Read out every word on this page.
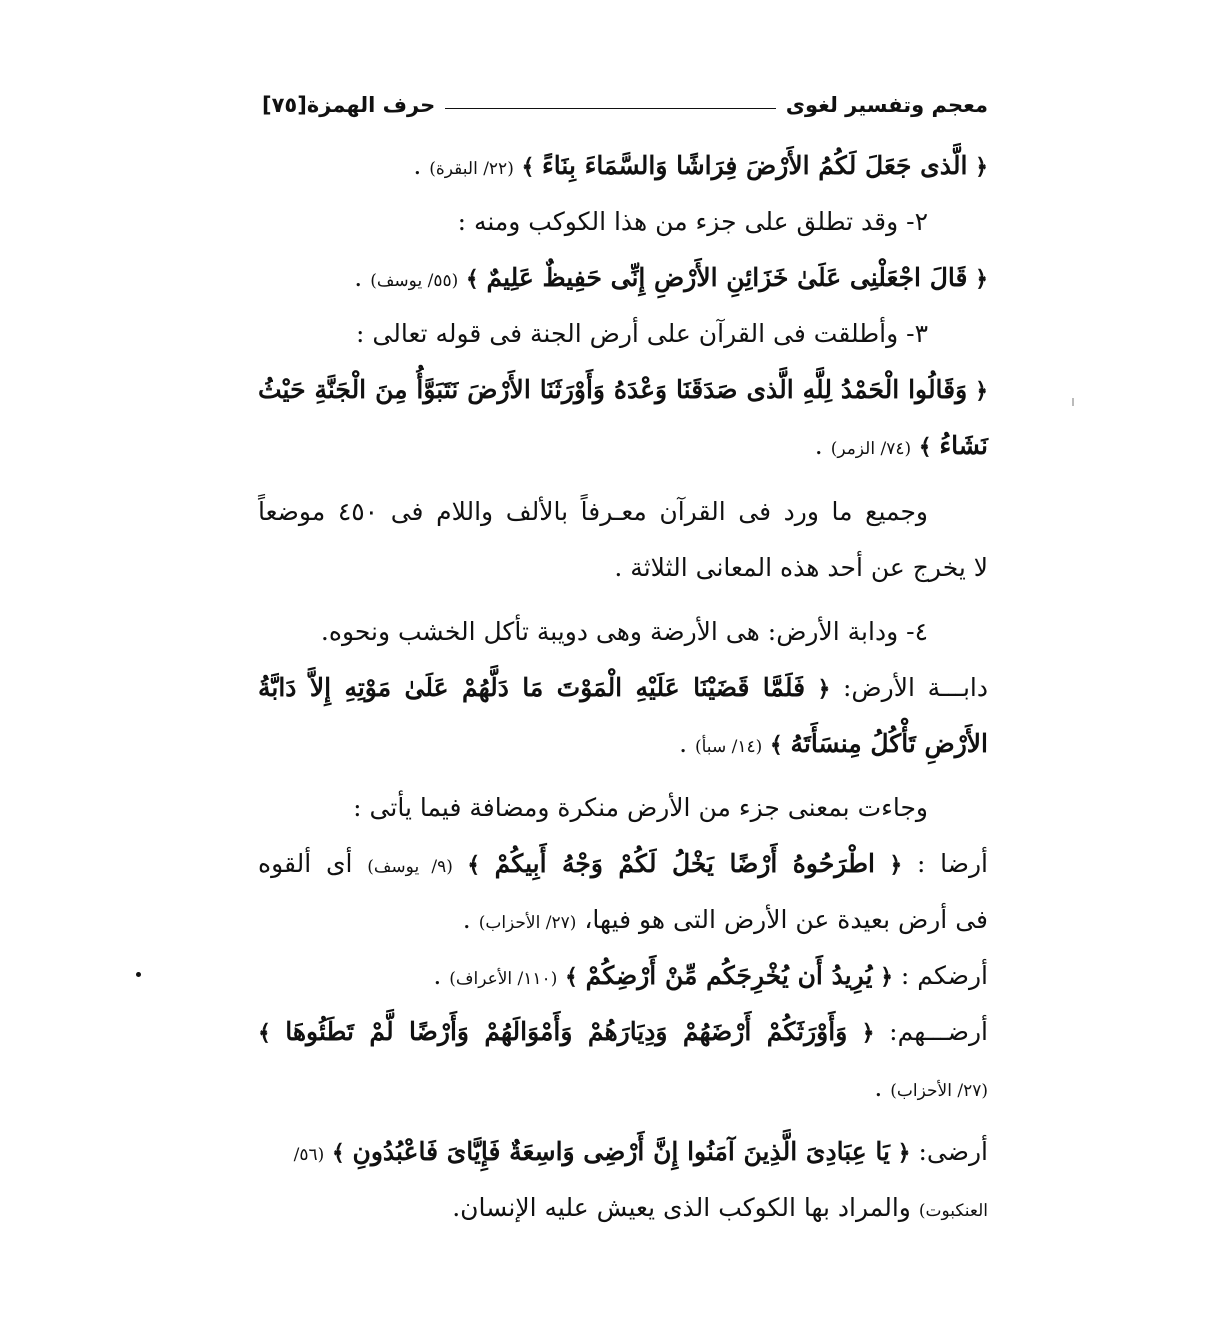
معجم وتفسير لغوى
حرف الهمزة
[٧٥]
﴿ الَّذى جَعَلَ لَكُمُ الأَرْضَ فِرَاشًا وَالسَّمَاءَ بِنَاءً ﴾ (٢٢/ البقرة) .
٢- وقد تطلق على جزء من هذا الكوكب ومنه :
﴿ قَالَ اجْعَلْنِى عَلَىٰ خَزَائِنِ الأَرْضِ إِنِّى حَفِيظٌ عَلِيمٌ ﴾ (٥٥/ يوسف) .
٣- وأطلقت فى القرآن على أرض الجنة فى قوله تعالى :
﴿ وَقَالُوا الْحَمْدُ لِلَّهِ الَّذى صَدَقَنَا وَعْدَهُ وَأَوْرَثَنَا الأَرْضَ نَتَبَوَّأُ مِنَ الْجَنَّةِ حَيْثُ
نَشَاءُ ﴾ (٧٤/ الزمر) .
وجميع ما ورد فى القرآن معـرفاً بالألف واللام فى ٤٥٠ موضعاً
لا يخرج عن أحد هذه المعانى الثلاثة .
٤- ودابة الأرض: هى الأرضة وهى دويبة تأكل الخشب ونحوه.
دابـــة الأرض: ﴿ فَلَمَّا قَضَيْنَا عَلَيْهِ الْمَوْتَ مَا دَلَّهُمْ عَلَىٰ مَوْتِهِ إِلاَّ دَابَّةُ
الأَرْضِ تَأْكُلُ مِنسَأَتَهُ ﴾ (١٤/ سبأ) .
وجاءت بمعنى جزء من الأرض منكرة ومضافة فيما يأتى :
أرضا : ﴿ اطْرَحُوهُ أَرْضًا يَخْلُ لَكُمْ وَجْهُ أَبِيكُمْ ﴾ (٩/ يوسف) أى ألقوه
فى أرض بعيدة عن الأرض التى هو فيها، (٢٧/ الأحزاب) .
أرضكم : ﴿ يُرِيدُ أَن يُخْرِجَكُم مِّنْ أَرْضِكُمْ ﴾ (١١٠/ الأعراف) .
أرضـــهم: ﴿ وَأَوْرَثَكُمْ أَرْضَهُمْ وَدِيَارَهُمْ وَأَمْوَالَهُمْ وَأَرْضًا لَّمْ تَطَئُوهَا ﴾
(٢٧/ الأحزاب) .
أرضى: ﴿ يَا عِبَادِىَ الَّذِينَ آمَنُوا إِنَّ أَرْضِى وَاسِعَةٌ فَإِيَّاىَ فَاعْبُدُونِ ﴾ (٥٦/
العنكبوت) والمراد بها الكوكب الذى يعيش عليه الإنسان.
